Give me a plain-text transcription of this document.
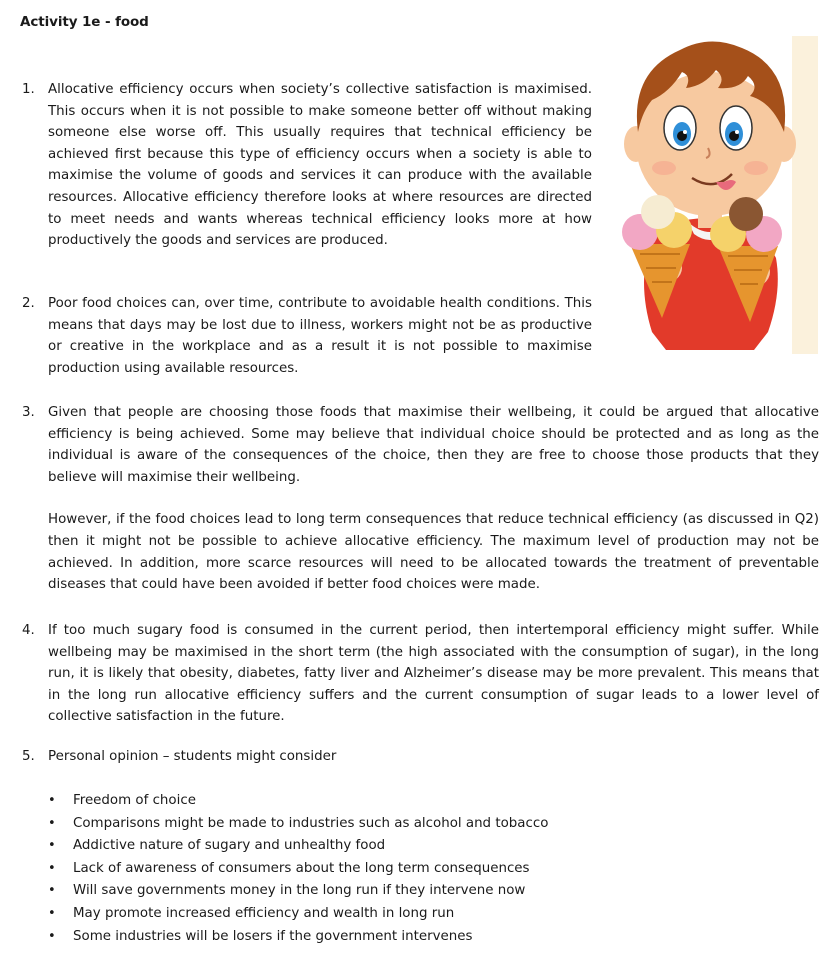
Activity 1e - food
1. Allocative efficiency occurs when society’s collective satisfaction is maximised. This occurs when it is not possible to make someone better off without making someone else worse off. This usually requires that technical efficiency be achieved first because this type of efficiency occurs when a society is able to maximise the volume of goods and services it can produce with the available resources. Allocative efficiency therefore looks at where resources are directed to meet needs and wants whereas technical efficiency looks more at how productively the goods and services are produced.

2. Poor food choices can, over time, contribute to avoidable health conditions. This means that days may be lost due to illness, workers might not be as productive or creative in the workplace and as a result it is not possible to maximise production using available resources.

3. Given that people are choosing those foods that maximise their wellbeing, it could be argued that allocative efficiency is being achieved. Some may believe that individual choice should be protected and as long as the individual is aware of the consequences of the choice, then they are free to choose those products that they believe will maximise their wellbeing.

However, if the food choices lead to long term consequences that reduce technical efficiency (as discussed in Q2) then it might not be possible to achieve allocative efficiency. The maximum level of production may not be achieved. In addition, more scarce resources will need to be allocated towards the treatment of preventable diseases that could have been avoided if better food choices were made.

4. If too much sugary food is consumed in the current period, then intertemporal efficiency might suffer. While wellbeing may be maximised in the short term (the high associated with the consumption of sugar), in the long run, it is likely that obesity, diabetes, fatty liver and Alzheimer’s disease may be more prevalent. This means that in the long run allocative efficiency suffers and the current consumption of sugar leads to a lower level of collective satisfaction in the future.

5. Personal opinion – students might consider

• Freedom of choice
• Comparisons might be made to industries such as alcohol and tobacco
• Addictive nature of sugary and unhealthy food
• Lack of awareness of consumers about the long term consequences
• Will save governments money in the long run if they intervene now
• May promote increased efficiency and wealth in long run
• Some industries will be losers if the government intervenes
